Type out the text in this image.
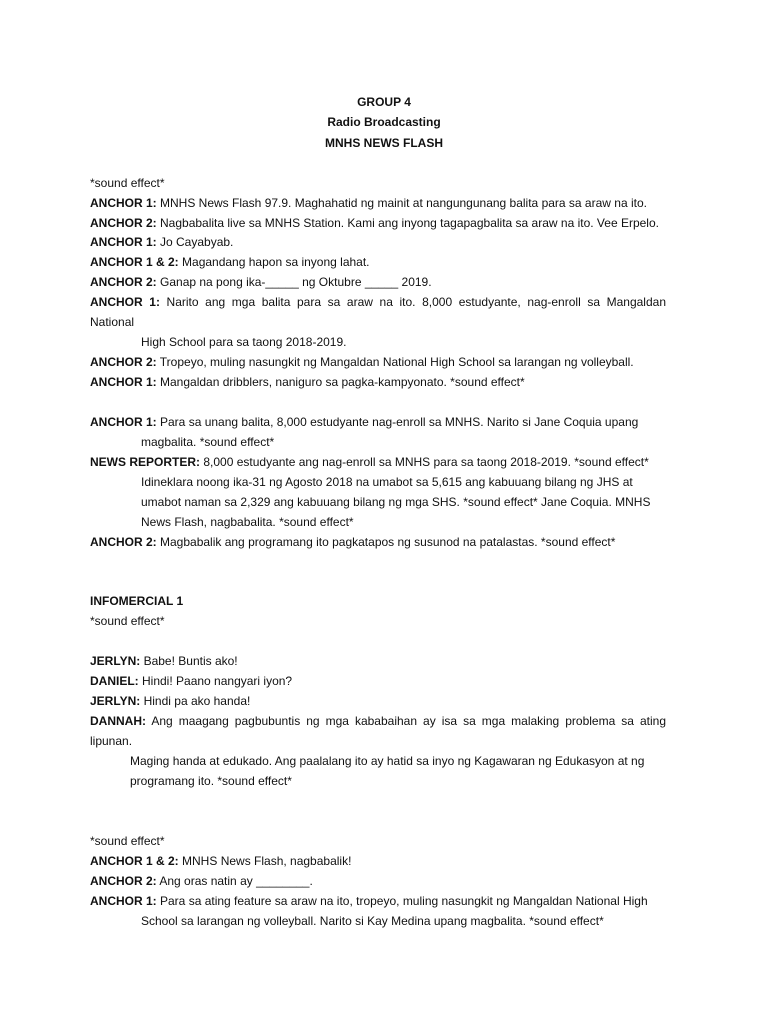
GROUP 4
Radio Broadcasting
MNHS NEWS FLASH
*sound effect*
ANCHOR 1: MNHS News Flash 97.9. Maghahatid ng mainit at nangungunang balita para sa araw na ito.
ANCHOR 2: Nagbabalita live sa MNHS Station. Kami ang inyong tagapagbalita sa araw na ito. Vee Erpelo.
ANCHOR 1: Jo Cayabyab.
ANCHOR 1 & 2: Magandang hapon sa inyong lahat.
ANCHOR 2: Ganap na pong ika-_____ ng Oktubre _____ 2019.
ANCHOR 1: Narito ang mga balita para sa araw na ito. 8,000 estudyante, nag-enroll sa Mangaldan
National
High School para sa taong 2018-2019.
ANCHOR 2: Tropeyo, muling nasungkit ng Mangaldan National High School sa larangan ng volleyball.
ANCHOR 1: Mangaldan dribblers, naniguro sa pagka-kampyonato. *sound effect*
ANCHOR 1: Para sa unang balita, 8,000 estudyante nag-enroll sa MNHS. Narito si Jane Coquia upang
magbalita. *sound effect*
NEWS REPORTER: 8,000 estudyante ang nag-enroll sa MNHS para sa taong 2018-2019. *sound effect*
Idineklara noong ika-31 ng Agosto 2018 na umabot sa 5,615 ang kabuuang bilang ng JHS at
umabot naman sa 2,329 ang kabuuang bilang ng mga SHS. *sound effect* Jane Coquia. MNHS
News Flash, nagbabalita. *sound effect*
ANCHOR 2: Magbabalik ang programang ito pagkatapos ng susunod na patalastas. *sound effect*
INFOMERCIAL 1
*sound effect*
JERLYN: Babe! Buntis ako!
DANIEL: Hindi! Paano nangyari iyon?
JERLYN: Hindi pa ako handa!
DANNAH: Ang maagang pagbubuntis ng mga kababaihan ay isa sa mga malaking problema sa ating
lipunan.
Maging handa at edukado. Ang paalalang ito ay hatid sa inyo ng Kagawaran ng Edukasyon at ng
programang ito. *sound effect*
*sound effect*
ANCHOR 1 & 2: MNHS News Flash, nagbabalik!
ANCHOR 2: Ang oras natin ay ________.
ANCHOR 1: Para sa ating feature sa araw na ito, tropeyo, muling nasungkit ng Mangaldan National High
School sa larangan ng volleyball. Narito si Kay Medina upang magbalita. *sound effect*
